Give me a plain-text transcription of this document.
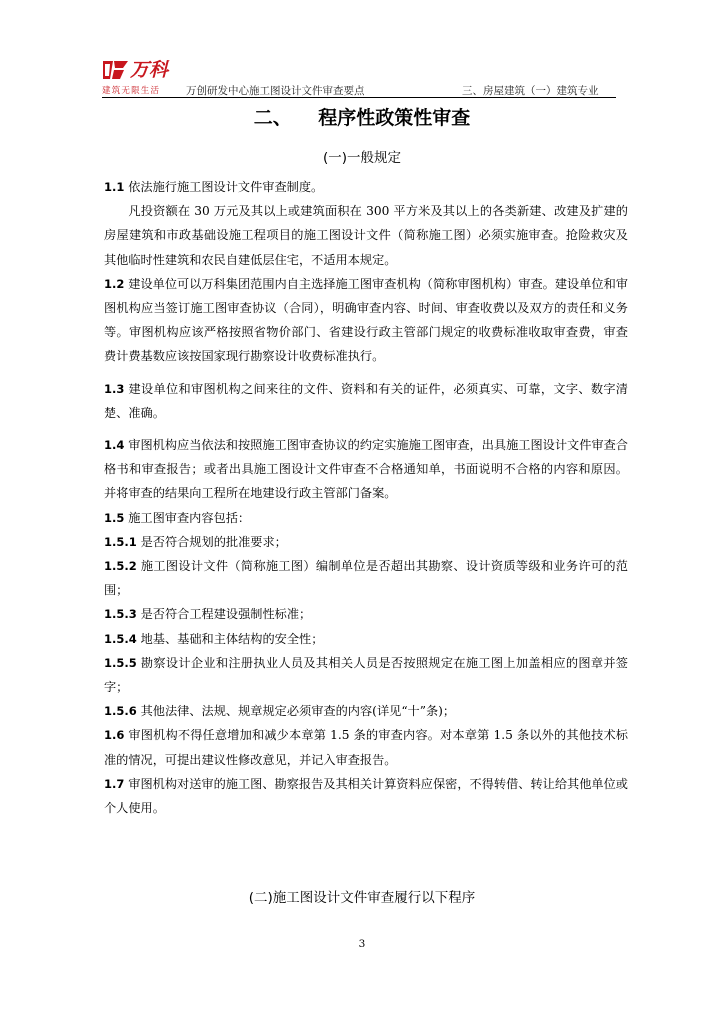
万科
建筑无限生活 万创研发中心施工图设计文件审查要点	三、房屋建筑（一）建筑专业
二、    程序性政策性审查
(一)一般规定

1.1 依法施行施工图设计文件审查制度。

凡投资额在 30 万元及其以上或建筑面积在 300 平方米及其以上的各类新建、改建及扩建的房屋建筑和市政基础设施工程项目的施工图设计文件（简称施工图）必须实施审查。抢险救灾及其他临时性建筑和农民自建低层住宅，不适用本规定。

1.2 建设单位可以万科集团范围内自主选择施工图审查机构（简称审图机构）审查。建设单位和审图机构应当签订施工图审查协议（合同），明确审查内容、时间、审查收费以及双方的责任和义务等。审图机构应该严格按照省物价部门、省建设行政主管部门规定的收费标准收取审查费，审查费计费基数应该按国家现行勘察设计收费标准执行。

1.3 建设单位和审图机构之间来往的文件、资料和有关的证件，必须真实、可靠，文字、数字清楚、准确。

1.4 审图机构应当依法和按照施工图审查协议的约定实施施工图审查，出具施工图设计文件审查合格书和审查报告；或者出具施工图设计文件审查不合格通知单，书面说明不合格的内容和原因。并将审查的结果向工程所在地建设行政主管部门备案。

1.5 施工图审查内容包括：

1.5.1 是否符合规划的批准要求；

1.5.2 施工图设计文件（简称施工图）编制单位是否超出其勘察、设计资质等级和业务许可的范围；

1.5.3 是否符合工程建设强制性标准；

1.5.4 地基、基础和主体结构的安全性；

1.5.5 勘察设计企业和注册执业人员及其相关人员是否按照规定在施工图上加盖相应的图章并签字；

1.5.6 其他法律、法规、规章规定必须审查的内容(详见“十”条)；

1.6 审图机构不得任意增加和减少本章第 1.5 条的审查内容。对本章第 1.5 条以外的其他技术标准的情况，可提出建议性修改意见，并记入审查报告。

1.7 审图机构对送审的施工图、勘察报告及其相关计算资料应保密，不得转借、转让给其他单位或个人使用。

(二)施工图设计文件审查履行以下程序
3
